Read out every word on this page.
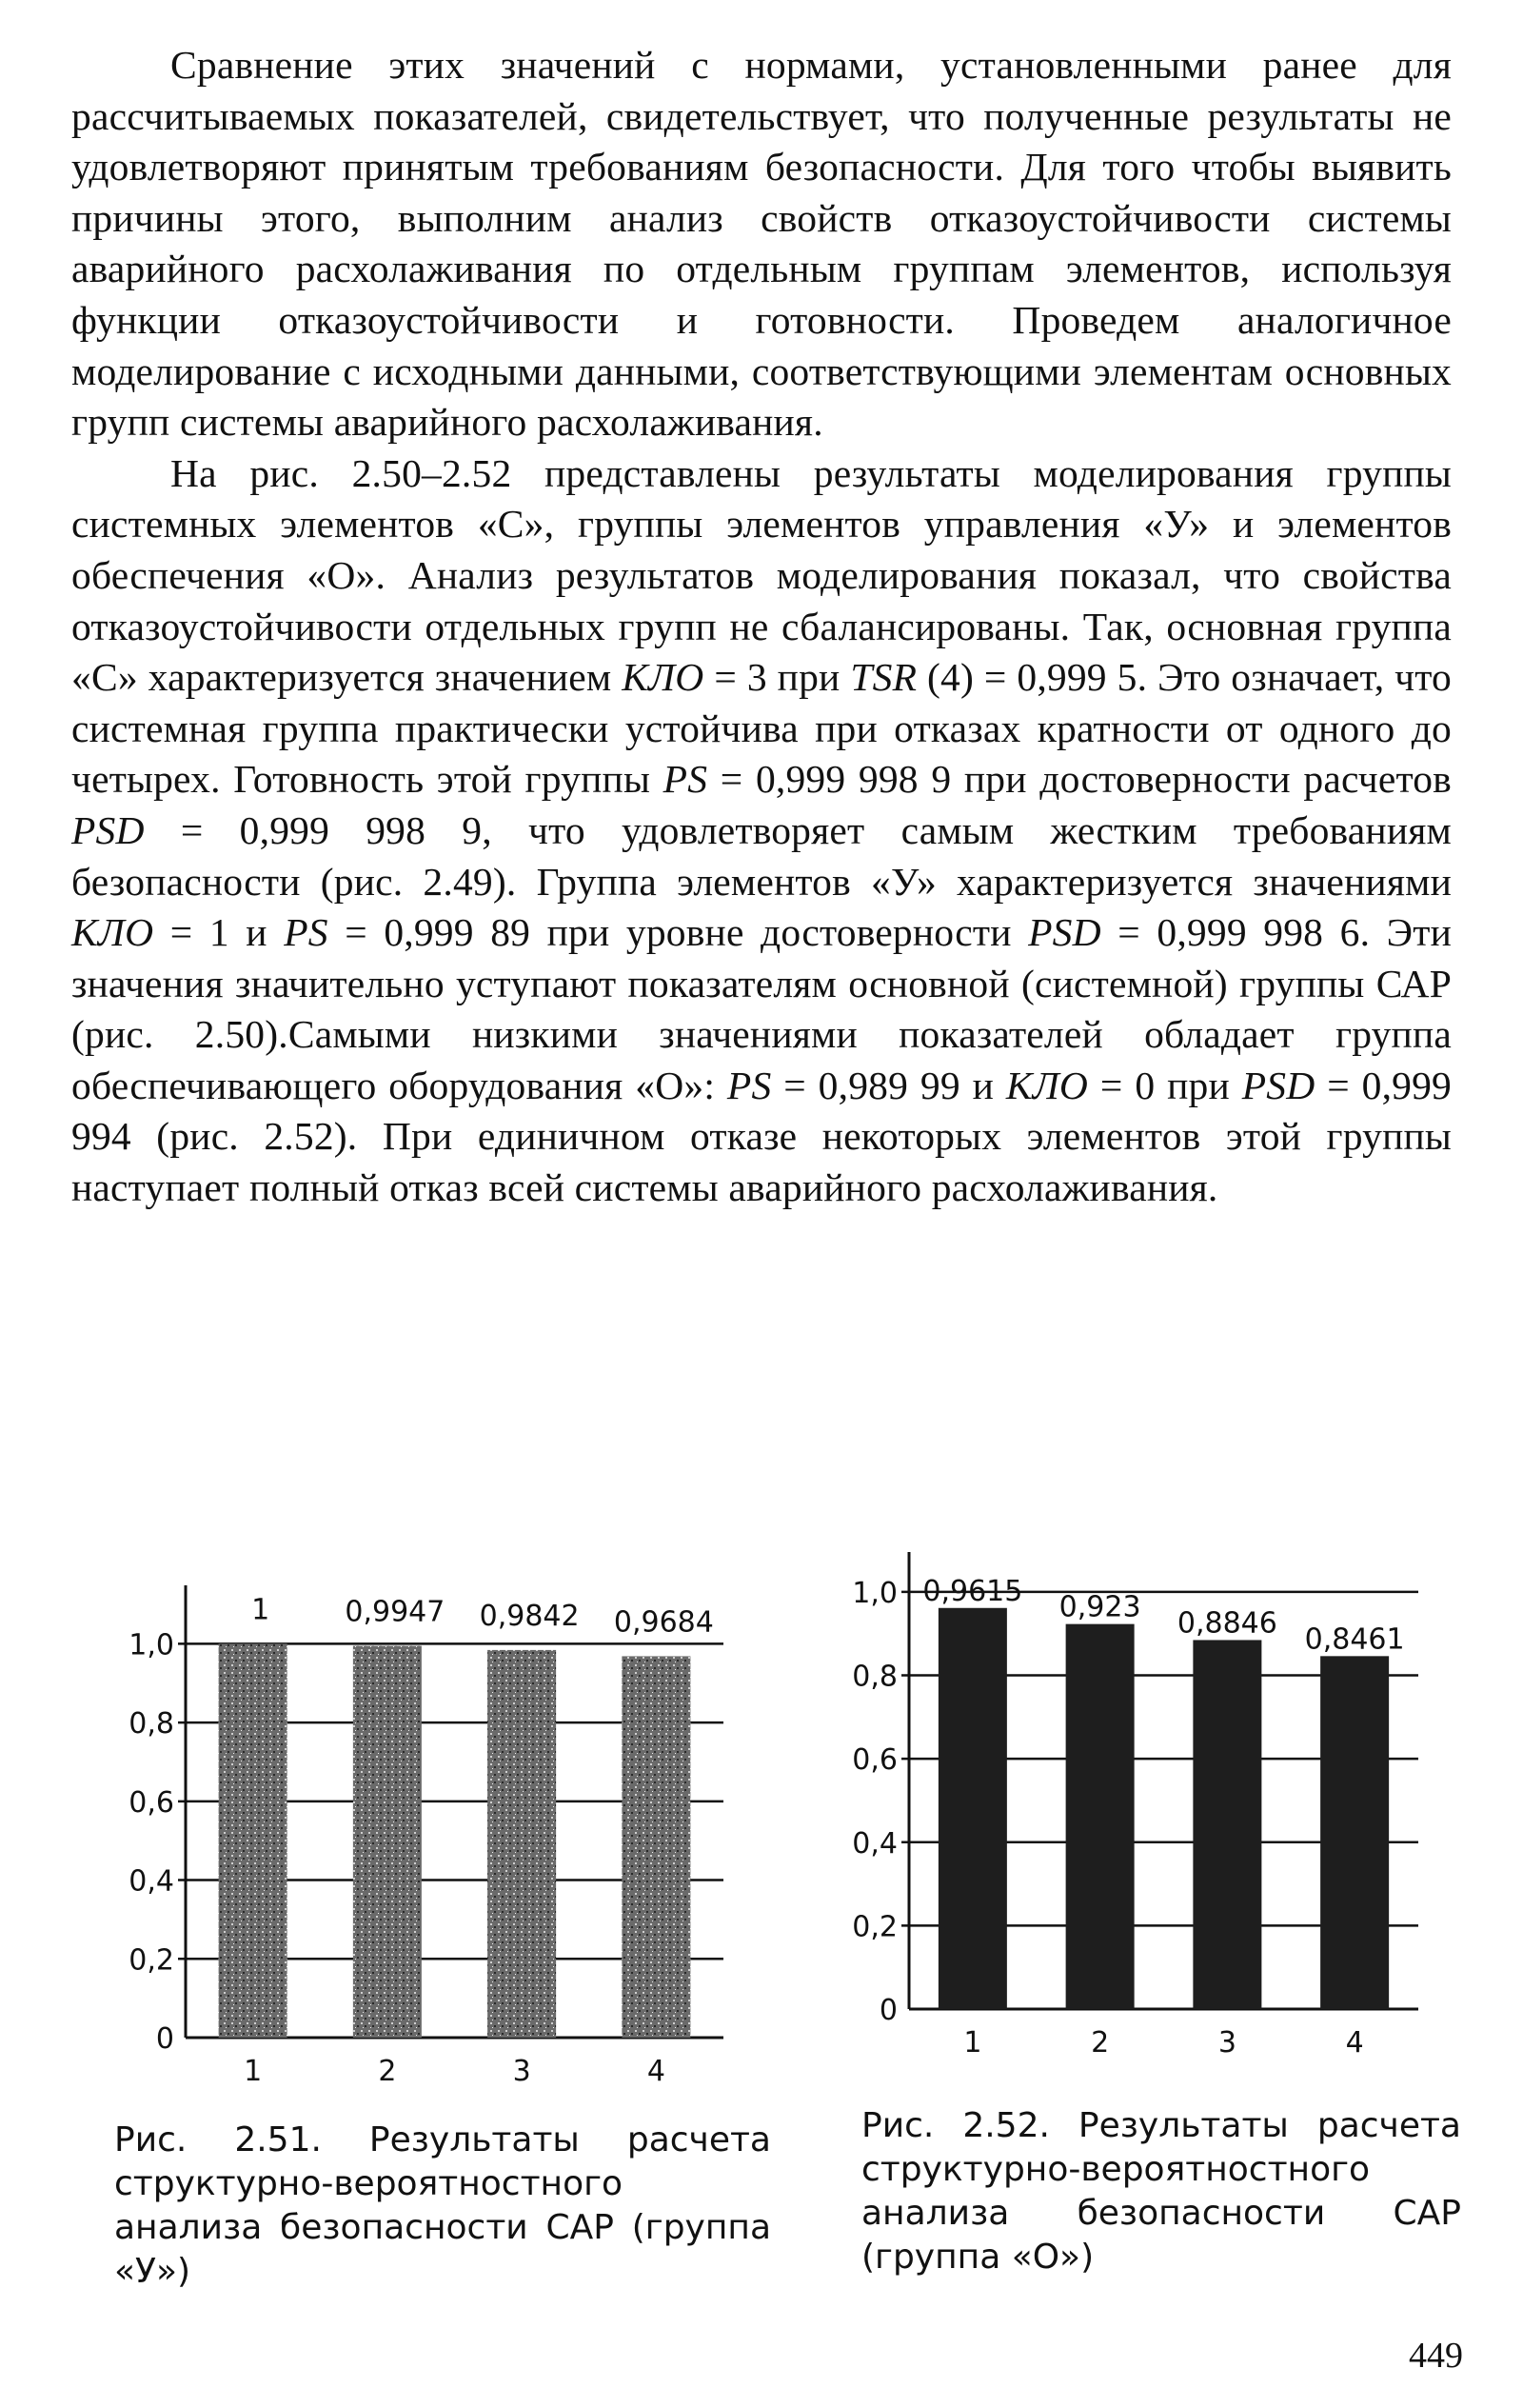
Сравнение этих значений с нормами, установленными ранее для рассчитываемых показателей, свидетельствует, что полученные результаты не удовлетворяют принятым требованиям безопасности. Для того чтобы выявить причины этого, выполним анализ свойств отказоустойчивости системы аварийного расхолаживания по отдельным группам элементов, используя функции отказоустойчивости и готовности. Проведем аналогичное моделирование с исходными данными, соответствующими элементам основных групп системы аварийного расхолаживания.

На рис. 2.50–2.52 представлены результаты моделирования группы системных элементов «С», группы элементов управления «У» и элементов обеспечения «О». Анализ результатов моделирования показал, что свойства отказоустойчивости отдельных групп не сбалансированы. Так, основная группа «С» характеризуется значением КЛО = 3 при TSR (4) = 0,999 5. Это означает, что системная группа практически устойчива при отказах кратности от одного до четырех. Готовность этой группы PS = 0,999 998 9 при достоверности расчетов PSD = 0,999 998 9, что удовлетворяет самым жестким требованиям безопасности (рис. 2.49). Группа элементов «У» характеризуется значениями КЛО = 1 и PS = 0,999 89 при уровне достоверности PSD = 0,999 998 6. Эти значения значительно уступают показателям основной (системной) группы САР (рис. 2.50).Самыми низкими значениями показателей обладает группа обеспечивающего оборудования «О»: PS = 0,989 99 и КЛО = 0 при PSD = 0,999 994 (рис. 2.52). При единичном отказе некоторых элементов этой группы наступает полный отказ всей системы аварийного расхолаживания.

0
0,2
0,4
0,6
0,8
1,0
1
1
0,9947
2
0,9842
3
0,9684
4
0
0,2
0,4
0,6
0,8
1,0 0,9615
1
0,923
2
0,8846
3
0,8461
4
Рис. 2.51. Результаты расчета структурно-вероятностного анализа безопасности САР (группа «У»)
Рис. 2.52. Результаты расчета структурно-вероятностного анализа безопасности САР (группа «О»)
449
